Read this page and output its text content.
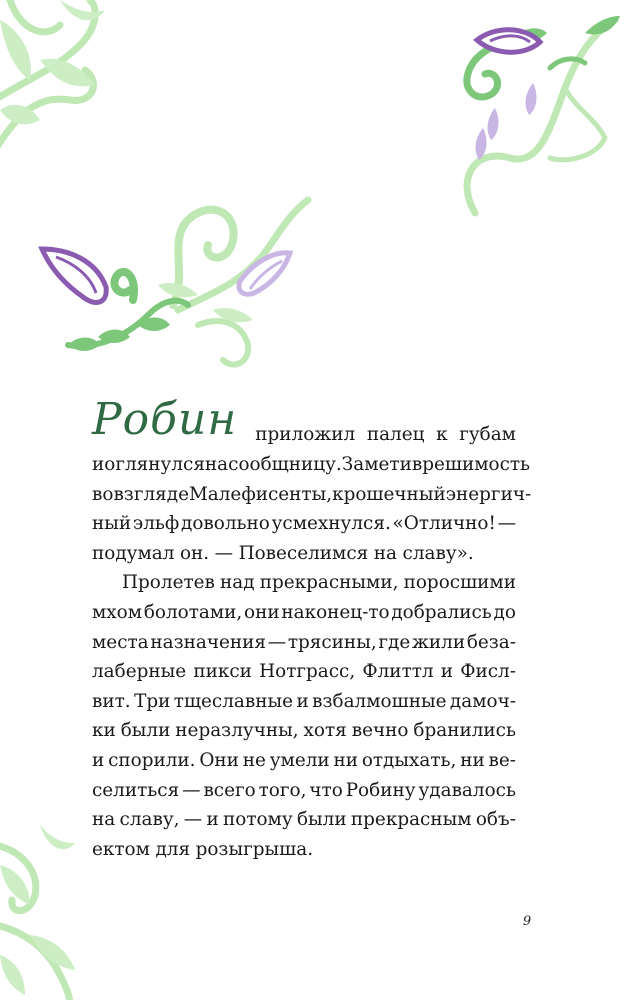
Робин приложил палец к губам
и оглянулся на сообщницу. Заметив решимость
во взгляде Малефисенты, крошечный энергич-
ный эльф довольно усмехнулся. «Отлично! —
подумал он. — Повеселимся на славу».
Пролетев над прекрасными, поросшими
мхом болотами, они наконец-то добрались до
места назначения — трясины, где жили беза-
лаберные пикси Нотграсс, Флиттл и Фисл-
вит. Три тщеславные и взбалмошные дамоч-
ки были неразлучны, хотя вечно бранились
и спорили. Они не умели ни отдыхать, ни ве-
селиться — всего того, что Робину удавалось
на славу, — и потому были прекрасным объ-
ектом для розыгрыша.
9
